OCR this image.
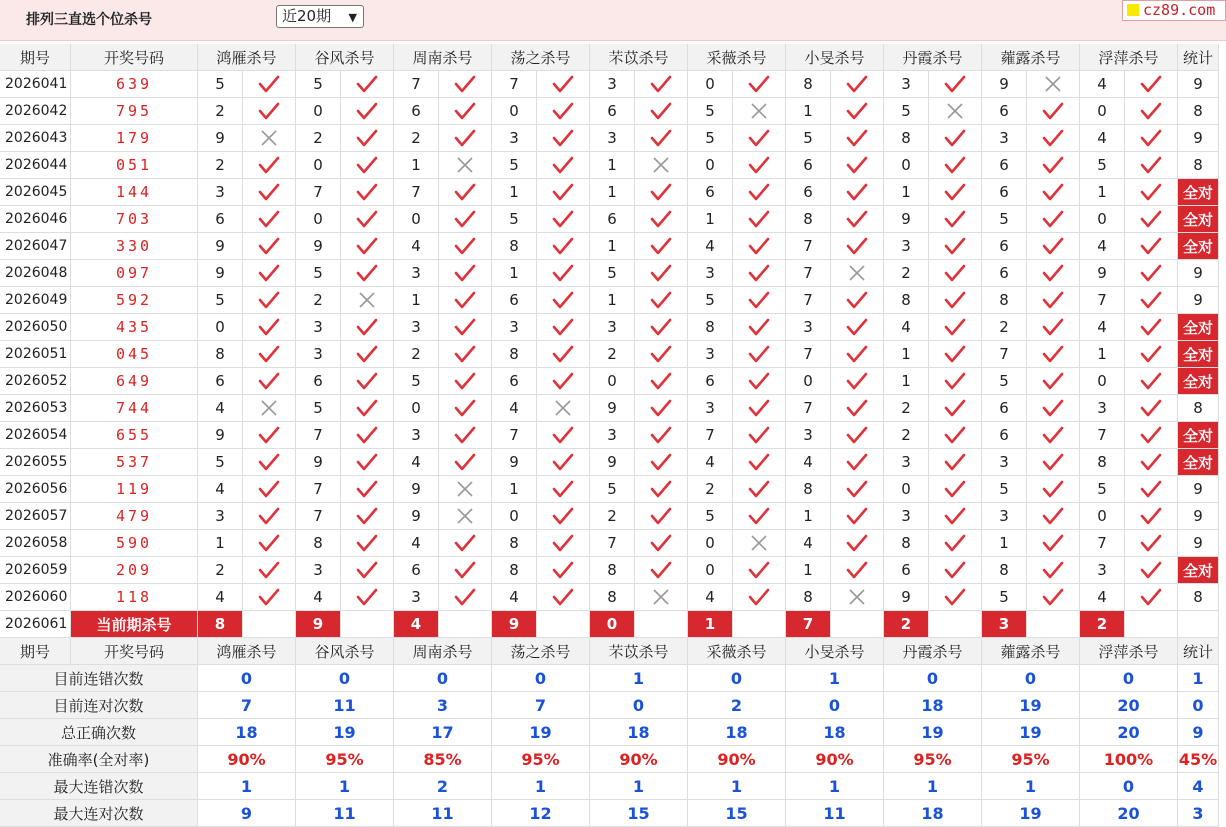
排列三直选个位杀号	近20期 ▼	cz89.com
期号	开奖号码	鸿雁杀号		谷风杀号		周南杀号		荡之杀号		芣苡杀号		采薇杀号		小旻杀号		丹霞杀号		蕹露杀号		浮萍杀号		统计
2026041	639	5		5		7		7		3		0		8		3		9		4		9
2026042	795	2		0		6		0		6		5		1		5		6		0		8
2026043	179	9		2		2		3		3		5		5		8		3		4		9
2026044	051	2		0		1		5		1		0		6		0		6		5		8
2026045	144	3		7		7		1		1		6		6		1		6		1		全对
2026046	703	6		0		0		5		6		1		8		9		5		0		全对
2026047	330	9		9		4		8		1		4		7		3		6		4		全对
2026048	097	9		5		3		1		5		3		7		2		6		9		9
2026049	592	5		2		1		6		1		5		7		8		8		7		9
2026050	435	0		3		3		3		3		8		3		4		2		4		全对
2026051	045	8		3		2		8		2		3		7		1		7		1		全对
2026052	649	6		6		5		6		0		6		0		1		5		0		全对
2026053	744	4		5		0		4		9		3		7		2		6		3		8
2026054	655	9		7		3		7		3		7		3		2		6		7		全对
2026055	537	5		9		4		9		9		4		4		3		3		8		全对
2026056	119	4		7		9		1		5		2		8		0		5		5		9
2026057	479	3		7		9		0		2		5		1		3		3		0		9
2026058	590	1		8		4		8		7		0		4		8		1		7		9
2026059	209	2		3		6		8		8		0		1		6		8		3		全对
2026060	118	4		4		3		4		8		4		8		9		5		4		8
2026061	当前期杀号	8		9		4		9		0		1		7		2		3		2		
期号	开奖号码	鸿雁杀号		谷风杀号		周南杀号		荡之杀号		芣苡杀号		采薇杀号		小旻杀号		丹霞杀号		蕹露杀号		浮萍杀号		统计
目前连错次数		0		0		0		0		1		0		1		0		0		0		1
目前连对次数		7		11		3		7		0		2		0		18		19		20		0
总正确次数		18		19		17		19		18		18		18		19		19		20		9
准确率(全对率)		90%		95%		85%		95%		90%		90%		90%		95%		95%		100%		45%
最大连错次数		1		1		2		1		1		1		1		1		1		0		4
最大连对次数		9		11		11		12		15		15		11		18		19		20		3
